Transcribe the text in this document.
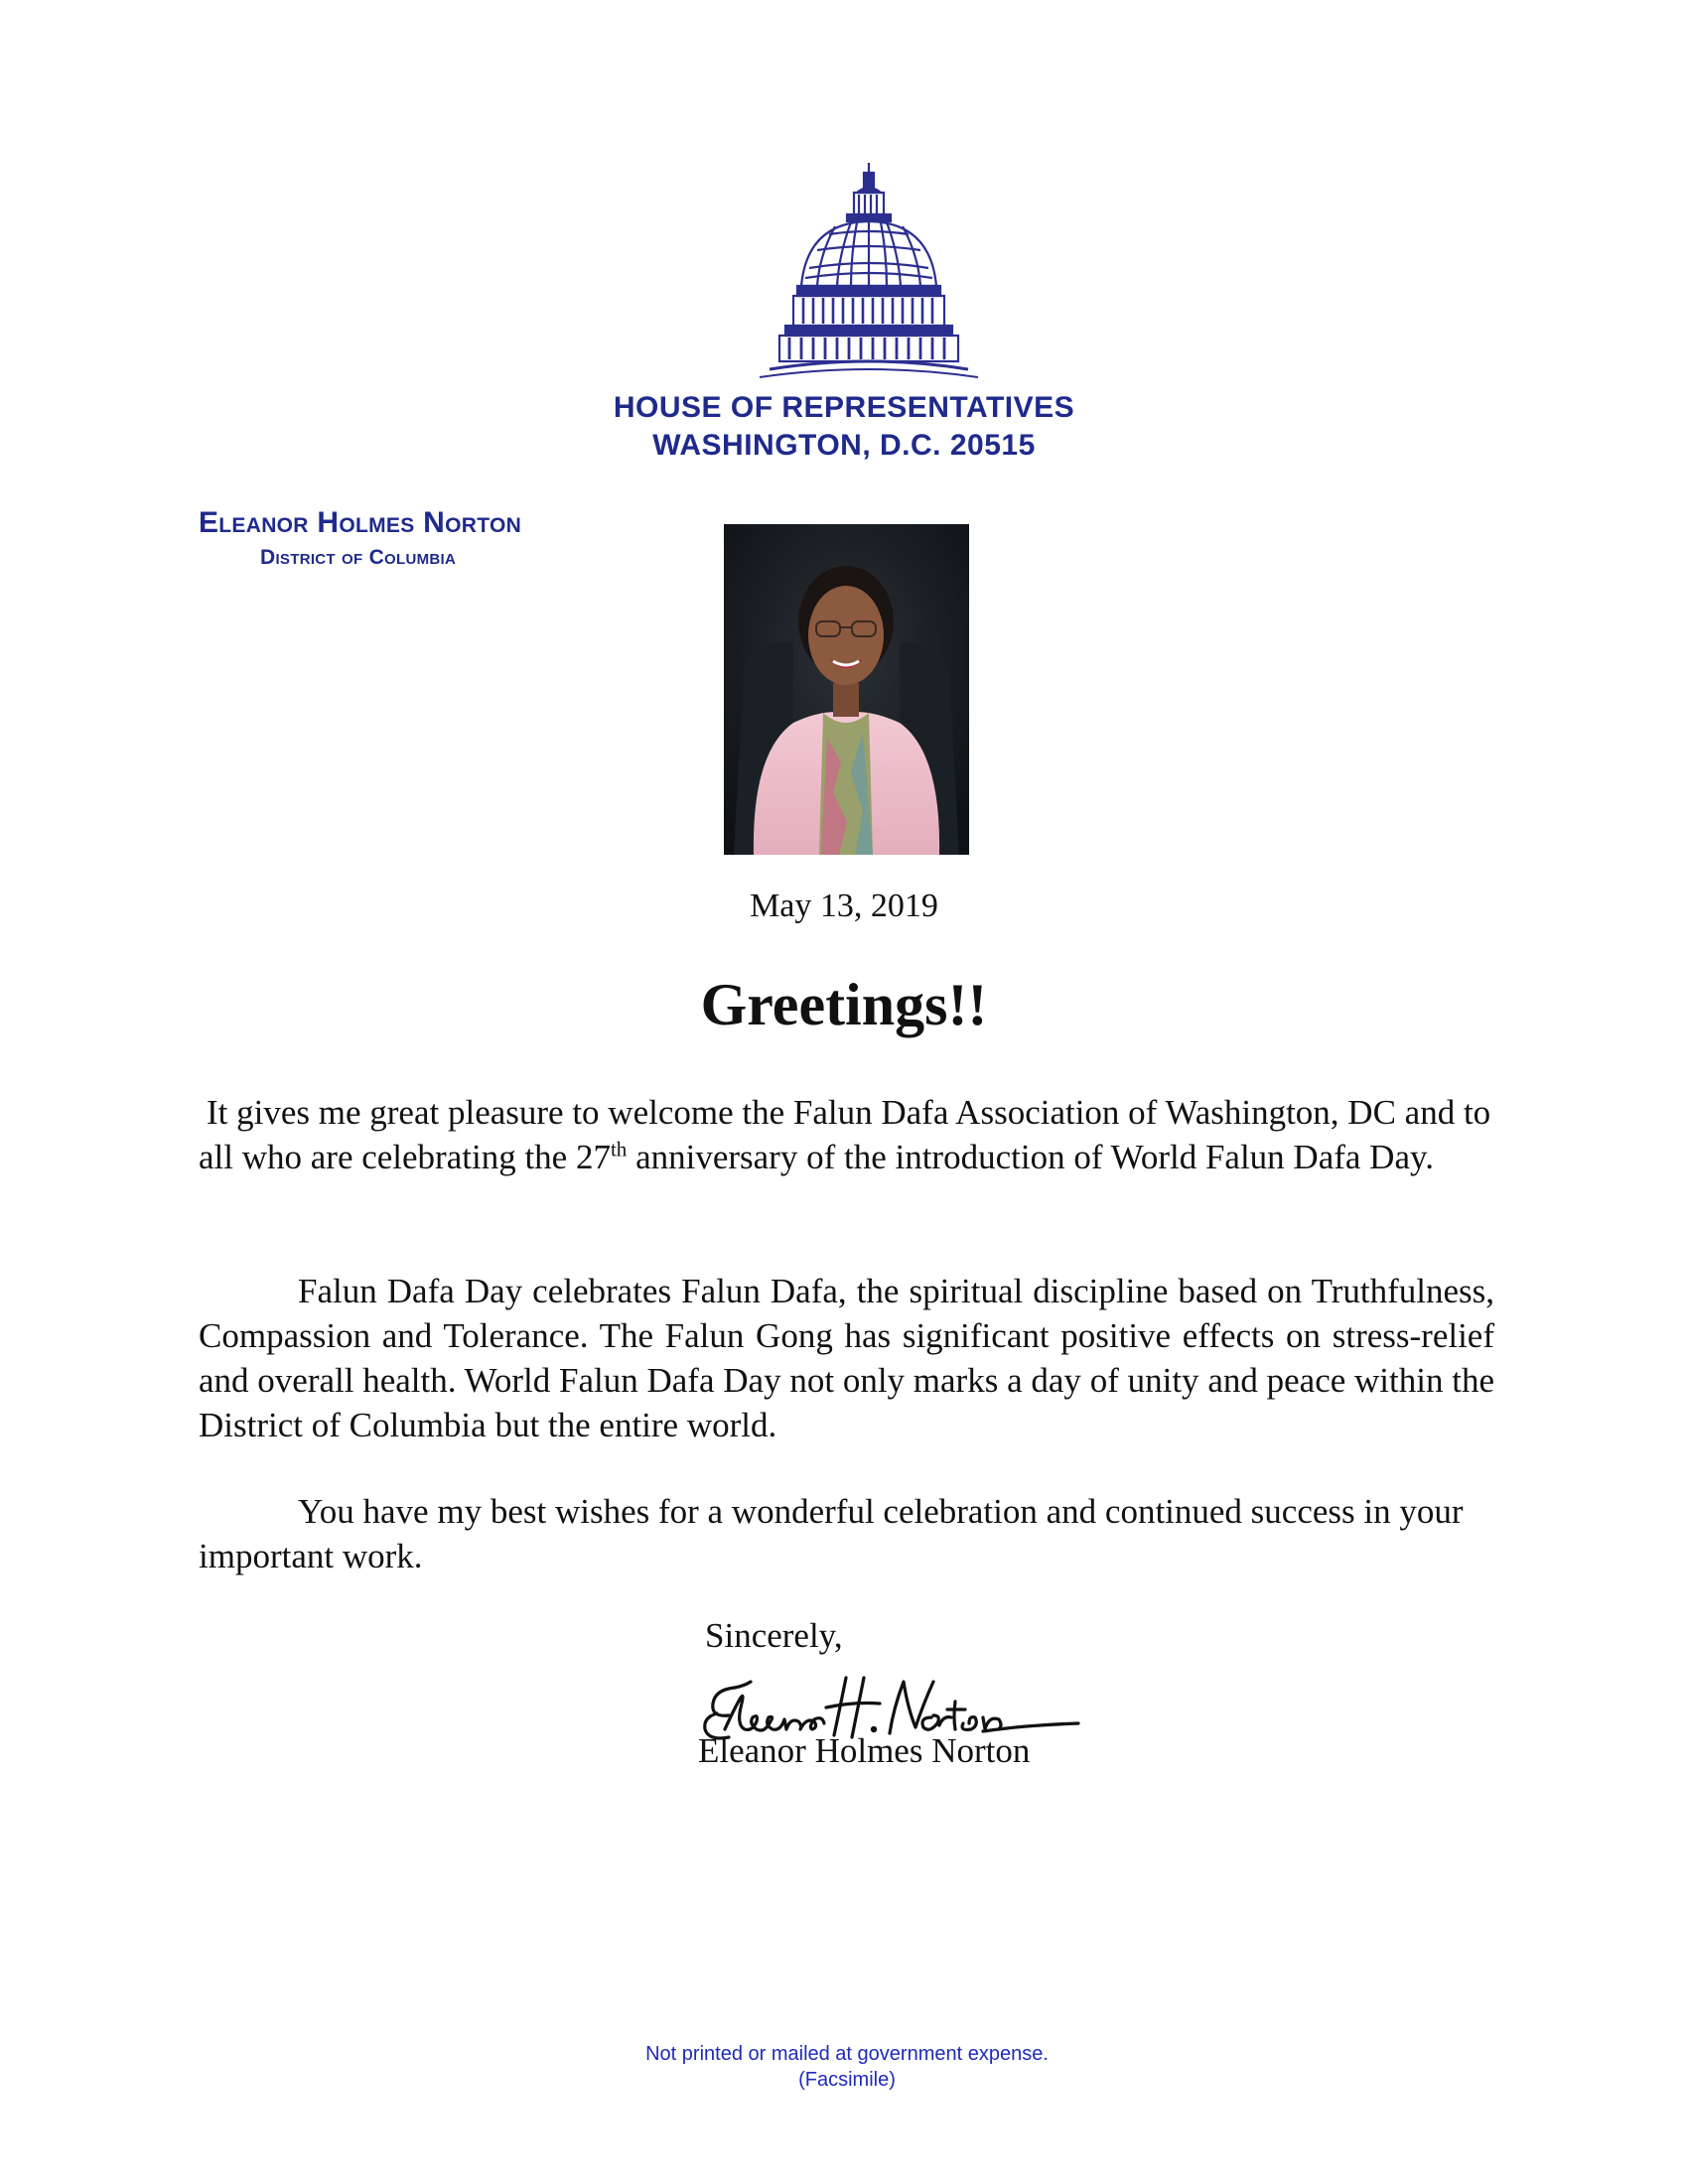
HOUSE OF REPRESENTATIVES
WASHINGTON, D.C. 20515
Eleanor Holmes Norton
District of Columbia
May 13, 2019
Greetings!!
It gives me great pleasure to welcome the Falun Dafa Association of Washington, DC and to all who are celebrating the 27th anniversary of the introduction of World Falun Dafa Day.
Falun Dafa Day celebrates Falun Dafa, the spiritual discipline based on Truthfulness, Compassion and Tolerance. The Falun Gong has significant positive effects on stress-relief and overall health. World Falun Dafa Day not only marks a day of unity and peace within the District of Columbia but the entire world.
You have my best wishes for a wonderful celebration and continued success in your important work.
Sincerely,
Eleanor Holmes Norton
Not printed or mailed at government expense.
(Facsimile)
